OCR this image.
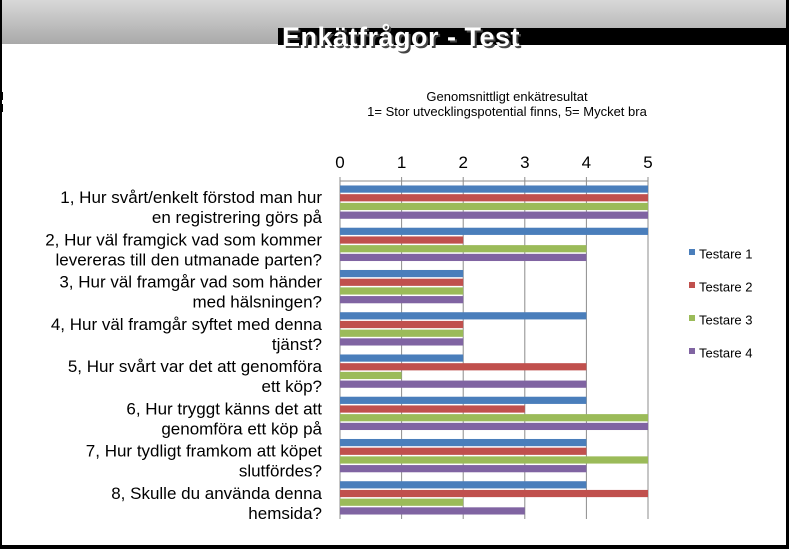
Enkätfrågor - Test
Genomsnittligt enkätresultat
1= Stor utvecklingspotential finns, 5= Mycket bra
0	1	2	3	4	5
1, Hur svårt/enkelt förstod man hur
en registrering görs på
2, Hur väl framgick vad som kommer
levereras till den utmanade parten?
3, Hur väl framgår vad som händer
med hälsningen?
4, Hur väl framgår syftet med denna
tjänst?
5, Hur svårt var det att genomföra
ett köp?
6, Hur tryggt känns det att
genomföra ett köp på
7, Hur tydligt framkom att köpet
slutfördes?
8, Skulle du använda denna
hemsida?
Testare 1
Testare 2
Testare 3
Testare 4
